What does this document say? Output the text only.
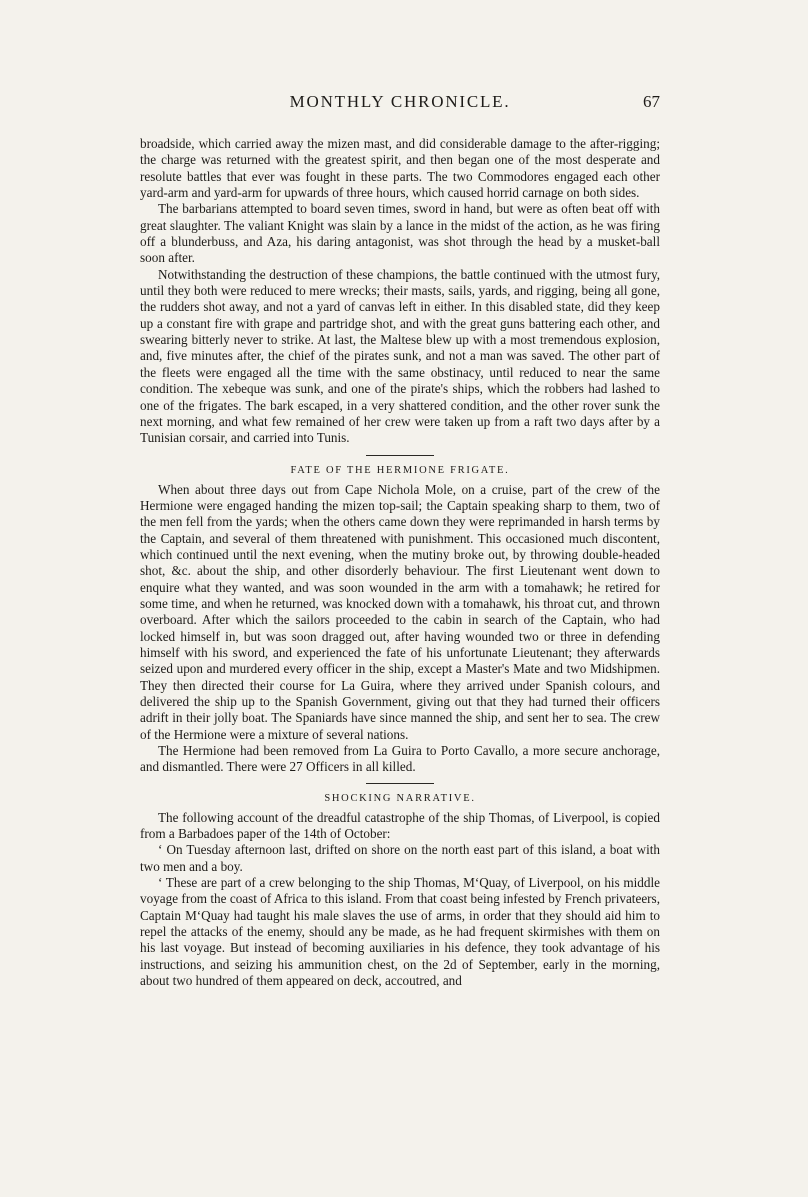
MONTHLY CHRONICLE.	67

broadside, which carried away the mizen mast, and did considerable damage to the after-rigging; the charge was returned with the greatest spirit, and then began one of the most desperate and resolute battles that ever was fought in these parts. The two Commodores engaged each other yard-arm and yard-arm for upwards of three hours, which caused horrid carnage on both sides.

The barbarians attempted to board seven times, sword in hand, but were as often beat off with great slaughter. The valiant Knight was slain by a lance in the midst of the action, as he was firing off a blunderbuss, and Aza, his daring antagonist, was shot through the head by a musket-ball soon after.

Notwithstanding the destruction of these champions, the battle continued with the utmost fury, until they both were reduced to mere wrecks; their masts, sails, yards, and rigging, being all gone, the rudders shot away, and not a yard of canvas left in either. In this disabled state, did they keep up a constant fire with grape and partridge shot, and with the great guns battering each other, and swearing bitterly never to strike. At last, the Maltese blew up with a most tremendous explosion, and, five minutes after, the chief of the pirates sunk, and not a man was saved. The other part of the fleets were engaged all the time with the same obstinacy, until reduced to near the same condition. The xebeque was sunk, and one of the pirate's ships, which the robbers had lashed to one of the frigates. The bark escaped, in a very shattered condition, and the other rover sunk the next morning, and what few remained of her crew were taken up from a raft two days after by a Tunisian corsair, and carried into Tunis.

FATE OF THE HERMIONE FRIGATE.

When about three days out from Cape Nichola Mole, on a cruise, part of the crew of the Hermione were engaged handing the mizen top-sail; the Captain speaking sharp to them, two of the men fell from the yards; when the others came down they were reprimanded in harsh terms by the Captain, and several of them threatened with punishment. This occasioned much discontent, which continued until the next evening, when the mutiny broke out, by throwing double-headed shot, &c. about the ship, and other disorderly behaviour. The first Lieutenant went down to enquire what they wanted, and was soon wounded in the arm with a tomahawk; he retired for some time, and when he returned, was knocked down with a tomahawk, his throat cut, and thrown overboard. After which the sailors proceeded to the cabin in search of the Captain, who had locked himself in, but was soon dragged out, after having wounded two or three in defending himself with his sword, and experienced the fate of his unfortunate Lieutenant; they afterwards seized upon and murdered every officer in the ship, except a Master's Mate and two Midshipmen. They then directed their course for La Guira, where they arrived under Spanish colours, and delivered the ship up to the Spanish Government, giving out that they had turned their officers adrift in their jolly boat. The Spaniards have since manned the ship, and sent her to sea. The crew of the Hermione were a mixture of several nations.

The Hermione had been removed from La Guira to Porto Cavallo, a more secure anchorage, and dismantled. There were 27 Officers in all killed.

SHOCKING NARRATIVE.

The following account of the dreadful catastrophe of the ship Thomas, of Liverpool, is copied from a Barbadoes paper of the 14th of October:

‘ On Tuesday afternoon last, drifted on shore on the north east part of this island, a boat with two men and a boy.

‘ These are part of a crew belonging to the ship Thomas, M‘Quay, of Liverpool, on his middle voyage from the coast of Africa to this island. From that coast being infested by French privateers, Captain M‘Quay had taught his male slaves the use of arms, in order that they should aid him to repel the attacks of the enemy, should any be made, as he had frequent skirmishes with them on his last voyage. But instead of becoming auxiliaries in his defence, they took advantage of his instructions, and seizing his ammunition chest, on the 2d of September, early in the morning, about two hundred of them appeared on deck, accoutred, and
